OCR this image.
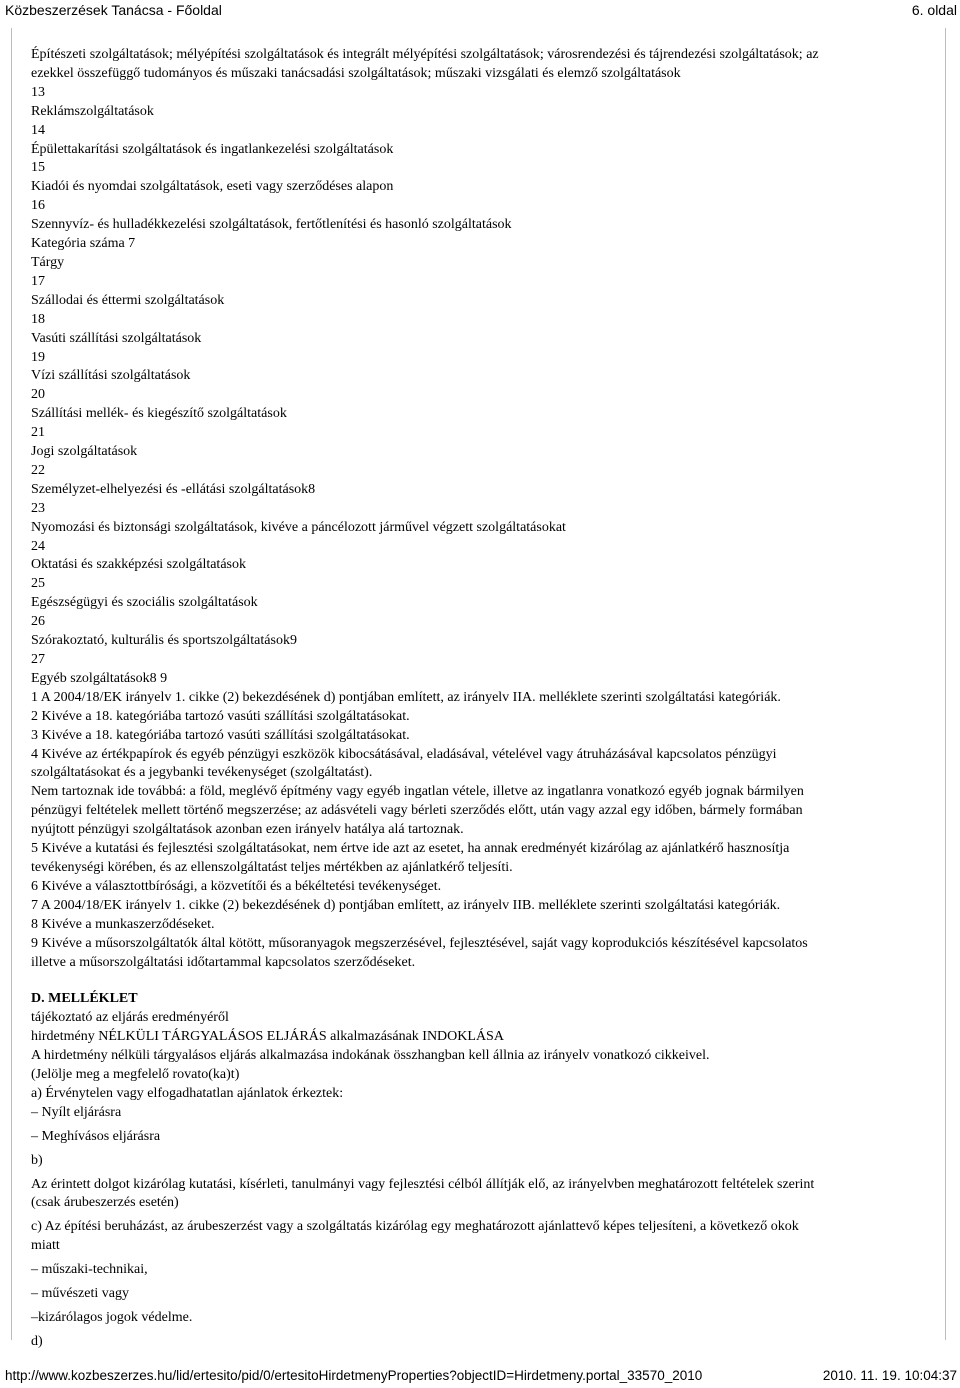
Közbeszerzések Tanácsa - Főoldal	6. oldal

Építészeti szolgáltatások; mélyépítési szolgáltatások és integrált mélyépítési szolgáltatások; városrendezési és tájrendezési szolgáltatások; az

ezekkel összefüggő tudományos és műszaki tanácsadási szolgáltatások; műszaki vizsgálati és elemző szolgáltatások

13

Reklámszolgáltatások

14

Épülettakarítási szolgáltatások és ingatlankezelési szolgáltatások

15

Kiadói és nyomdai szolgáltatások, eseti vagy szerződéses alapon

16

Szennyvíz- és hulladékkezelési szolgáltatások, fertőtlenítési és hasonló szolgáltatások

Kategória száma 7

Tárgy

17

Szállodai és éttermi szolgáltatások

18

Vasúti szállítási szolgáltatások

19

Vízi szállítási szolgáltatások

20

Szállítási mellék- és kiegészítő szolgáltatások

21

Jogi szolgáltatások

22

Személyzet-elhelyezési és -ellátási szolgáltatások8

23

Nyomozási és biztonsági szolgáltatások, kivéve a páncélozott járművel végzett szolgáltatásokat

24

Oktatási és szakképzési szolgáltatások

25

Egészségügyi és szociális szolgáltatások

26

Szórakoztató, kulturális és sportszolgáltatások9

27

Egyéb szolgáltatások8 9

1 A 2004/18/EK irányelv 1. cikke (2) bekezdésének d) pontjában említett, az irányelv IIA. melléklete szerinti szolgáltatási kategóriák.

2 Kivéve a 18. kategóriába tartozó vasúti szállítási szolgáltatásokat.

3 Kivéve a 18. kategóriába tartozó vasúti szállítási szolgáltatásokat.

4 Kivéve az értékpapírok és egyéb pénzügyi eszközök kibocsátásával, eladásával, vételével vagy átruházásával kapcsolatos pénzügyi

szolgáltatásokat és a jegybanki tevékenységet (szolgáltatást).

Nem tartoznak ide továbbá: a föld, meglévő építmény vagy egyéb ingatlan vétele, illetve az ingatlanra vonatkozó egyéb jognak bármilyen

pénzügyi feltételek mellett történő megszerzése; az adásvételi vagy bérleti szerződés előtt, után vagy azzal egy időben, bármely formában

nyújtott pénzügyi szolgáltatások azonban ezen irányelv hatálya alá tartoznak.

5 Kivéve a kutatási és fejlesztési szolgáltatásokat, nem értve ide azt az esetet, ha annak eredményét kizárólag az ajánlatkérő hasznosítja

tevékenységi körében, és az ellenszolgáltatást teljes mértékben az ajánlatkérő teljesíti.

6 Kivéve a választottbírósági, a közvetítői és a békéltetési tevékenységet.

7 A 2004/18/EK irányelv 1. cikke (2) bekezdésének d) pontjában említett, az irányelv IIB. melléklete szerinti szolgáltatási kategóriák.

8 Kivéve a munkaszerződéseket.

9 Kivéve a műsorszolgáltatók által kötött, műsoranyagok megszerzésével, fejlesztésével, saját vagy koprodukciós készítésével kapcsolatos

illetve a műsorszolgáltatási időtartammal kapcsolatos szerződéseket.

D. MELLÉKLET

tájékoztató az eljárás eredményéről

hirdetmény NÉLKÜLI TÁRGYALÁSOS ELJÁRÁS alkalmazásának INDOKLÁSA

A hirdetmény nélküli tárgyalásos eljárás alkalmazása indokának összhangban kell állnia az irányelv vonatkozó cikkeivel.

(Jelölje meg a megfelelő rovato(ka)t)

a) Érvénytelen vagy elfogadhatatlan ajánlatok érkeztek:

– Nyílt eljárásra

– Meghívásos eljárásra

b)

Az érintett dolgot kizárólag kutatási, kísérleti, tanulmányi vagy fejlesztési célból állítják elő, az irányelvben meghatározott feltételek szerint

(csak árubeszerzés esetén)

c) Az építési beruházást, az árubeszerzést vagy a szolgáltatás kizárólag egy meghatározott ajánlattevő képes teljesíteni, a következő okok

miatt

– műszaki-technikai,

– művészeti vagy

–kizárólagos jogok védelme.

d)

http://www.kozbeszerzes.hu/lid/ertesito/pid/0/ertesitoHirdetmenyProperties?objectID=Hirdetmeny.portal_33570_2010	2010. 11. 19. 10:04:37
